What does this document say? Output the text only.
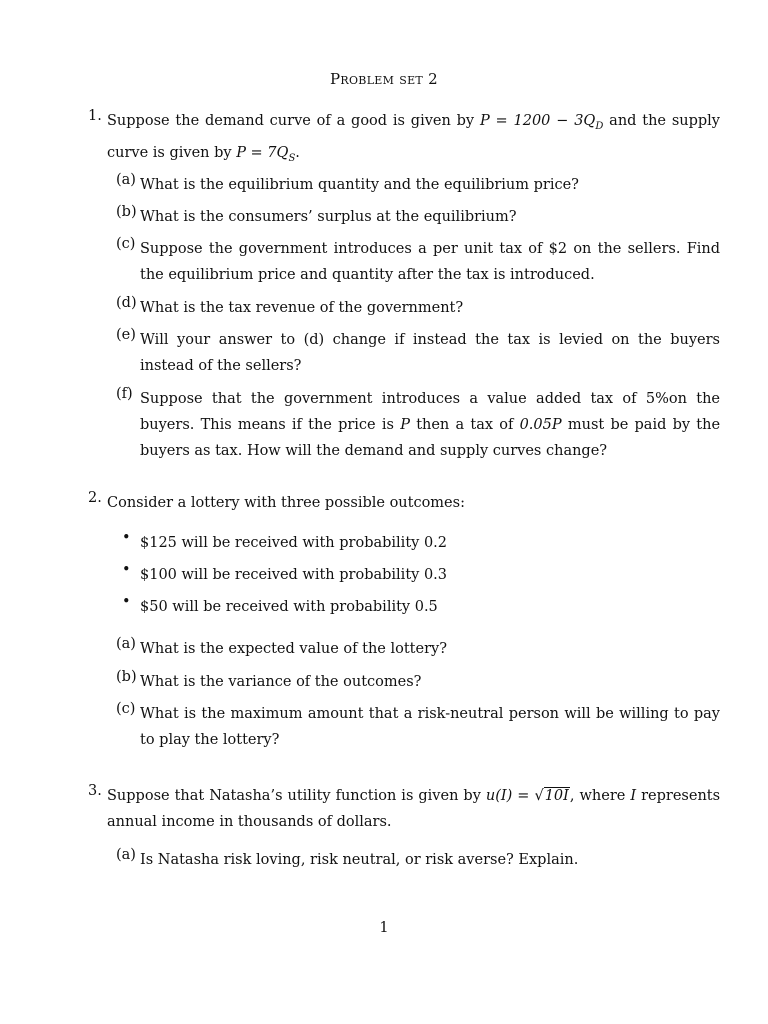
Problem set 2
1. Suppose the demand curve of a good is given by $P = 1200 - 3Q_D$ and the supply curve is given by $P = 7Q_S$.
(a) What is the equilibrium quantity and the equilibrium price?
(b) What is the consumers’ surplus at the equilibrium?
(c) Suppose the government introduces a per unit tax of $2 on the sellers. Find the equilibrium price and quantity after the tax is introduced.
(d) What is the tax revenue of the government?
(e) Will your answer to (d) change if instead the tax is levied on the buyers instead of the sellers?
(f) Suppose that the government introduces a value added tax of 5%on the buyers. This means if the price is P then a tax of 0.05P must be paid by the buyers as tax. How will the demand and supply curves change?
2. Consider a lottery with three possible outcomes:
• $125 will be received with probability 0.2
• $100 will be received with probability 0.3
• $50 will be received with probability 0.5
(a) What is the expected value of the lottery?
(b) What is the variance of the outcomes?
(c) What is the maximum amount that a risk-neutral person will be willing to pay to play the lottery?
3. Suppose that Natasha’s utility function is given by u(I) = √10I, where I represents annual income in thousands of dollars.
(a) Is Natasha risk loving, risk neutral, or risk averse? Explain.
1
